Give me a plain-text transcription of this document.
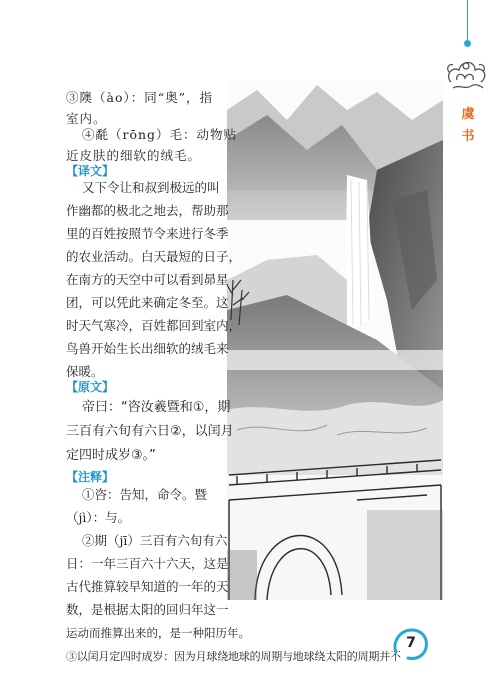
虞书
③隩（ào）：同“奥”，指
室内。
④氄（rōng）毛：动物贴
近皮肤的细软的绒毛。
【译文】
又下令让和叔到极远的叫
作幽都的极北之地去，帮助那
里的百姓按照节令来进行冬季
的农业活动。白天最短的日子，
在南方的天空中可以看到昴星
团，可以凭此来确定冬至。这
时天气寒冷，百姓都回到室内，
鸟兽开始生长出细软的绒毛来
保暖。
【原文】
帝曰：“咨汝羲暨和①，期
三百有六旬有六日②，以闰月
定四时成岁③。”
【注释】
①咨：告知，命令。暨
（jì）：与。
②期（jī）三百有六旬有六
日：一年三百六十六天，这是
古代推算较早知道的一年的天
数，是根据太阳的回归年这一
运动而推算出来的，是一种阳历年。
③以闰月定四时成岁：因为月球绕地球的周期与地球绕太阳的周期并不
7
